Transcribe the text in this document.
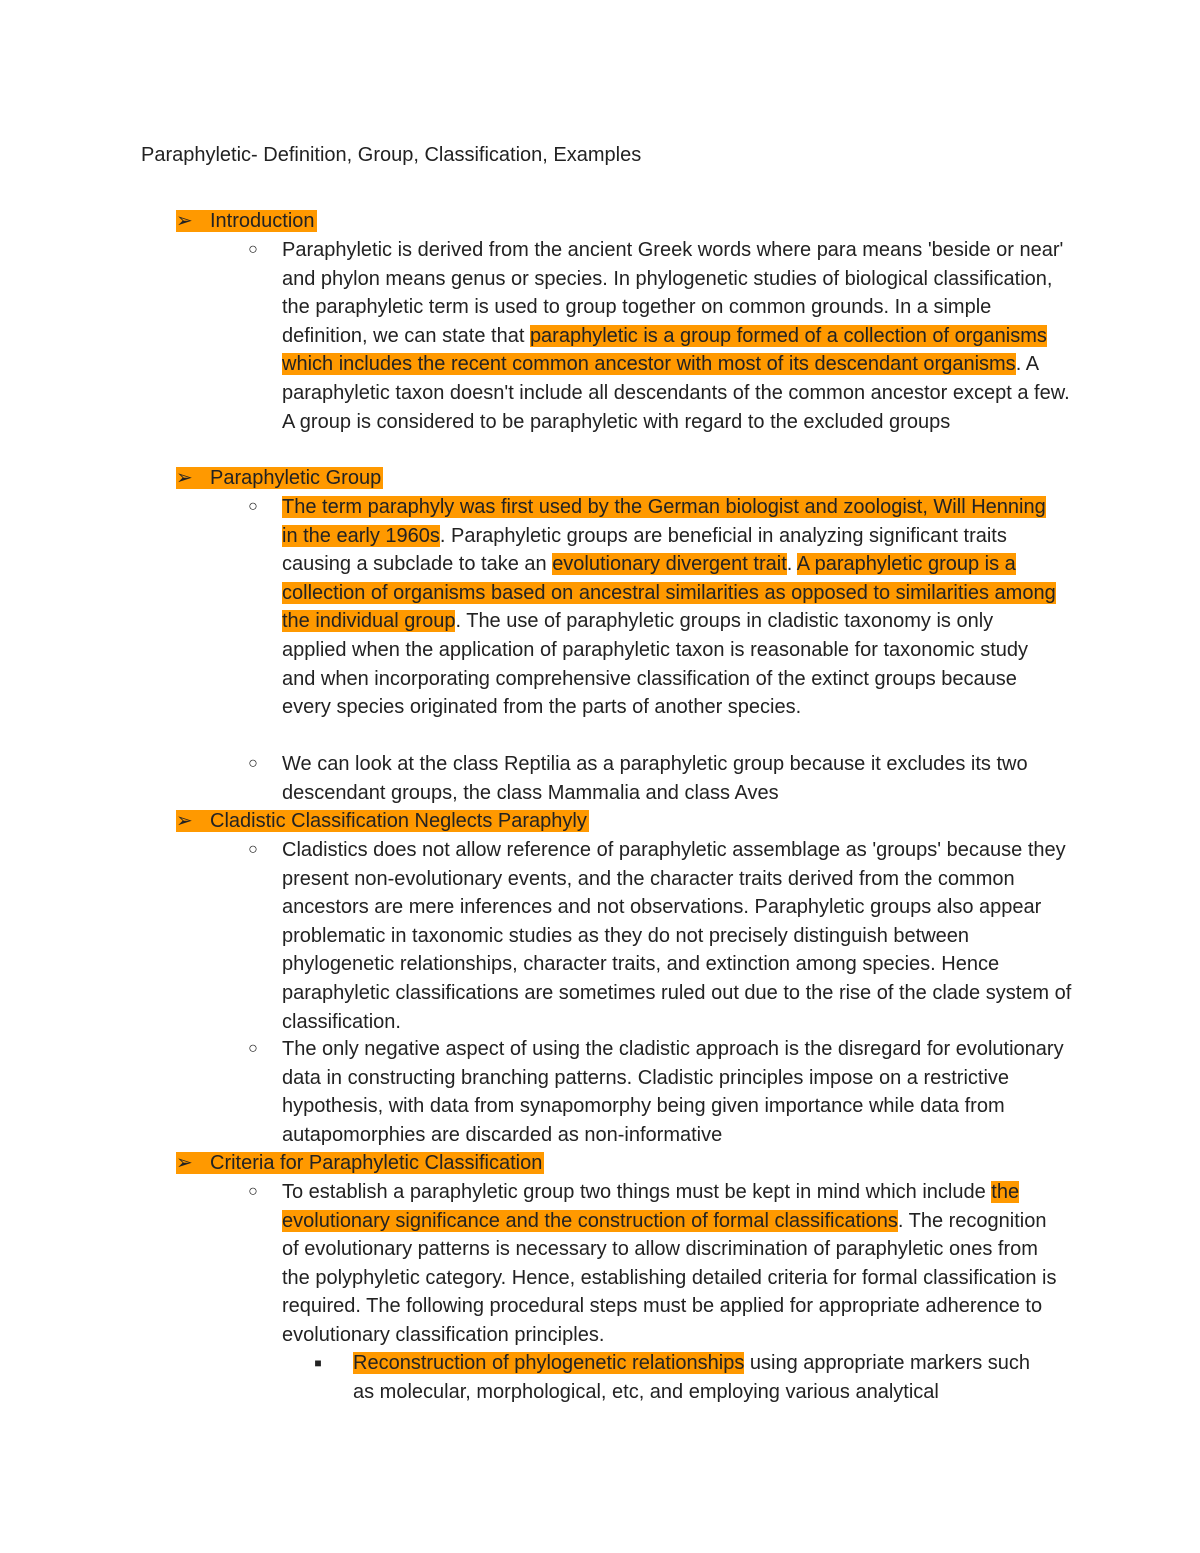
Paraphyletic- Definition, Group, Classification, Examples
➢ Introduction
○ Paraphyletic is derived from the ancient Greek words where para means 'beside or near' and phylon means genus or species. In phylogenetic studies of biological classification, the paraphyletic term is used to group together on common grounds. In a simple definition, we can state that paraphyletic is a group formed of a collection of organisms which includes the recent common ancestor with most of its descendant organisms. A paraphyletic taxon doesn't include all descendants of the common ancestor except a few. A group is considered to be paraphyletic with regard to the excluded groups
➢ Paraphyletic Group
○ The term paraphyly was first used by the German biologist and zoologist, Will Henning in the early 1960s. Paraphyletic groups are beneficial in analyzing significant traits causing a subclade to take an evolutionary divergent trait. A paraphyletic group is a collection of organisms based on ancestral similarities as opposed to similarities among the individual group. The use of paraphyletic groups in cladistic taxonomy is only applied when the application of paraphyletic taxon is reasonable for taxonomic study and when incorporating comprehensive classification of the extinct groups because every species originated from the parts of another species.
○ We can look at the class Reptilia as a paraphyletic group because it excludes its two descendant groups, the class Mammalia and class Aves
➢ Cladistic Classification Neglects Paraphyly
○ Cladistics does not allow reference of paraphyletic assemblage as 'groups' because they present non-evolutionary events, and the character traits derived from the common ancestors are mere inferences and not observations. Paraphyletic groups also appear problematic in taxonomic studies as they do not precisely distinguish between phylogenetic relationships, character traits, and extinction among species. Hence paraphyletic classifications are sometimes ruled out due to the rise of the clade system of classification.
○ The only negative aspect of using the cladistic approach is the disregard for evolutionary data in constructing branching patterns. Cladistic principles impose on a restrictive hypothesis, with data from synapomorphy being given importance while data from autapomorphies are discarded as non-informative
➢ Criteria for Paraphyletic Classification
○ To establish a paraphyletic group two things must be kept in mind which include the evolutionary significance and the construction of formal classifications. The recognition of evolutionary patterns is necessary to allow discrimination of paraphyletic ones from the polyphyletic category. Hence, establishing detailed criteria for formal classification is required. The following procedural steps must be applied for appropriate adherence to evolutionary classification principles.
■ Reconstruction of phylogenetic relationships using appropriate markers such as molecular, morphological, etc, and employing various analytical
